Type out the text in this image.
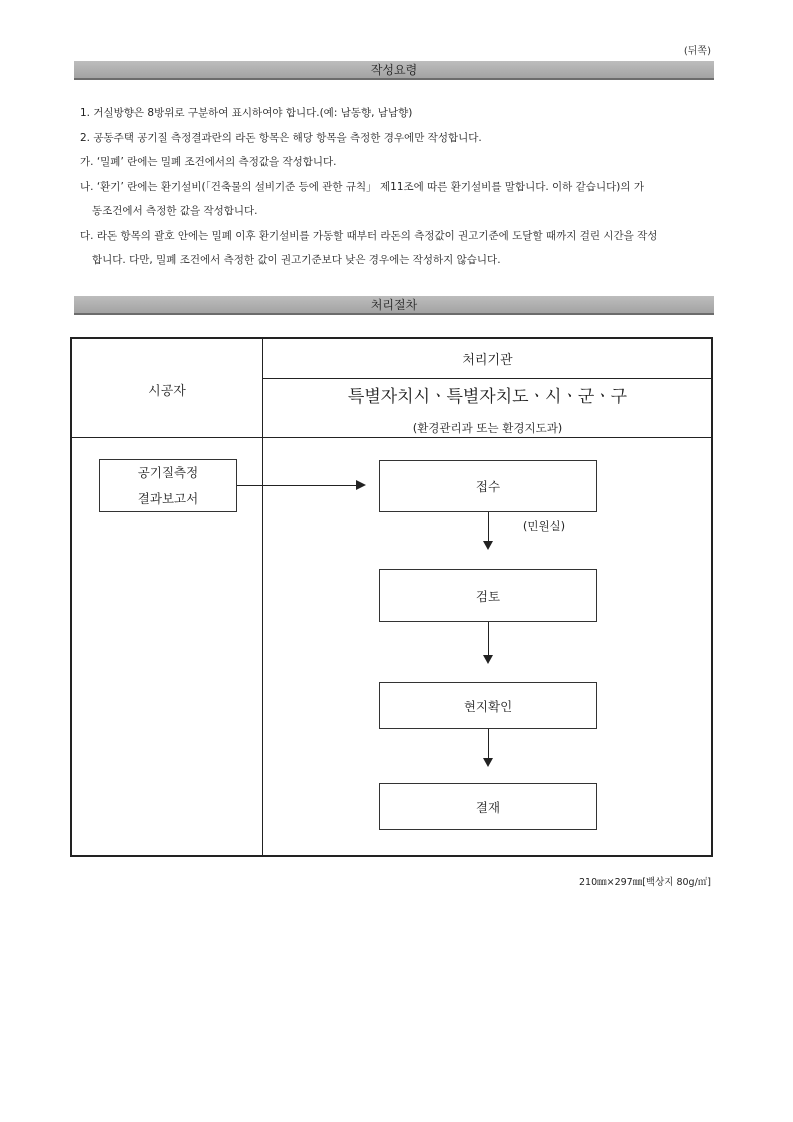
(뒤쪽)
작성요령

1. 거실방향은 8방위로 구분하여 표시하여야 합니다.(예: 남동향, 남남향)

2. 공동주택 공기질 측정결과란의 라돈 항목은 해당 항목을 측정한 경우에만 작성합니다.

가. ‘밀폐’ 란에는 밀폐 조건에서의 측정값을 작성합니다.

나. ‘환기’ 란에는 환기설비(「건축물의 설비기준 등에 관한 규칙」 제11조에 따른 환기설비를 말합니다. 이하 같습니다)의 가

동조건에서 측정한 값을 작성합니다.

다. 라돈 항목의 괄호 안에는 밀폐 이후 환기설비를 가동할 때부터 라돈의 측정값이 권고기준에 도달할 때까지 걸린 시간을 작성

합니다. 다만, 밀폐 조건에서 측정한 값이 권고기준보다 낮은 경우에는 작성하지 않습니다.

처리절차
시공자
처리기관
특별자치시ㆍ특별자치도ㆍ시ㆍ군ㆍ구
(환경관리과 또는 환경지도과)
공기질측정
결과보고서
접수
(민원실)
검토
현지확인
결재
210㎜×297㎜[백상지 80g/㎡]
